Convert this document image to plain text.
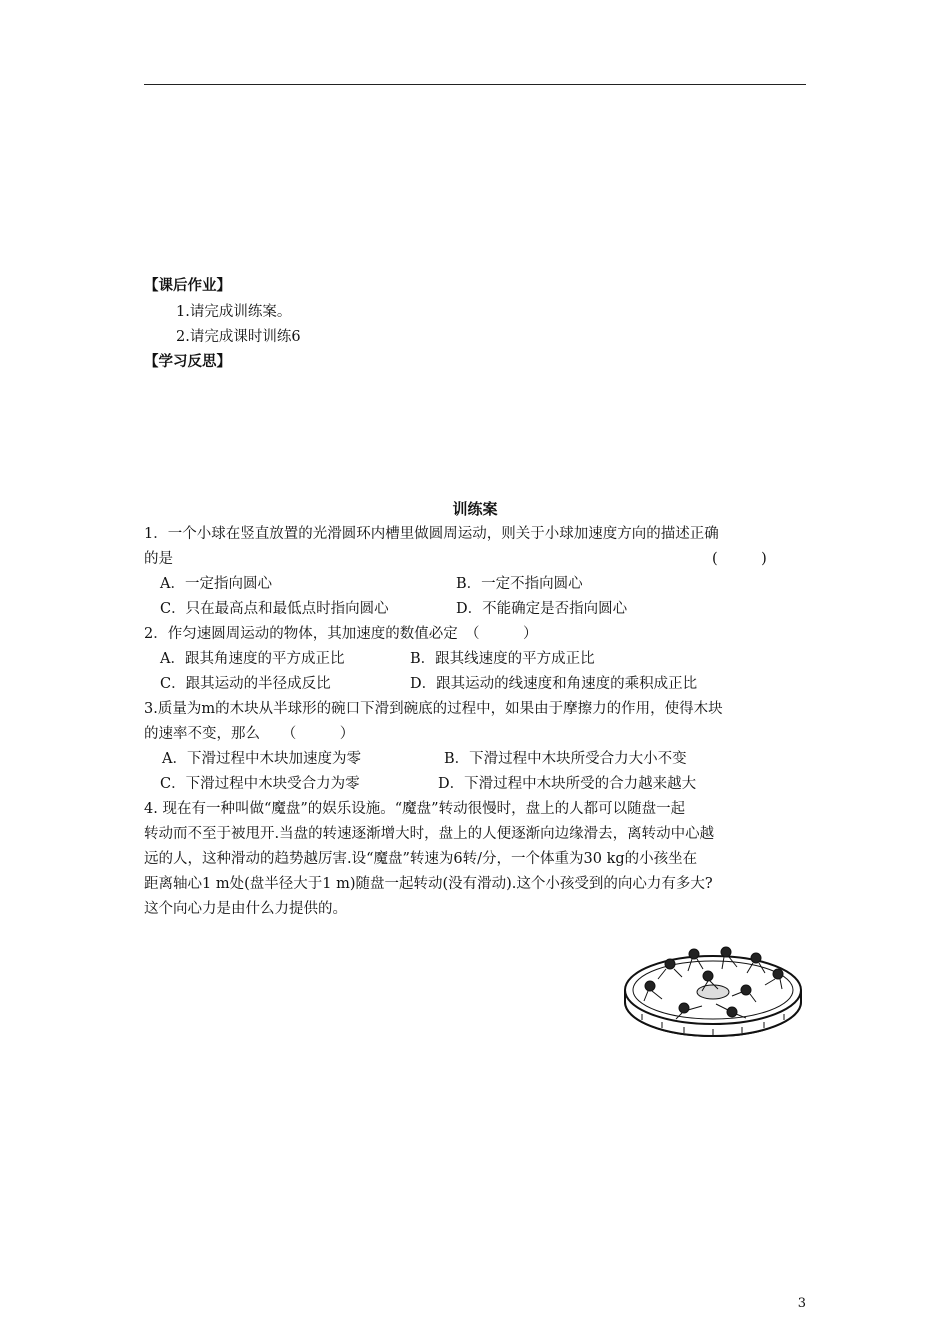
【课后作业】
1.请完成训练案。
2.请完成课时训练6
【学习反思】
训练案
1．一个小球在竖直放置的光滑圆环内槽里做圆周运动，则关于小球加速度方向的描述正确
的是	(　　　)
A．一定指向圆心	B．一定不指向圆心
C．只在最高点和最低点时指向圆心	D．不能确定是否指向圆心
2．作匀速圆周运动的物体，其加速度的数值必定　（　　　）
A．跟其角速度的平方成正比	B．跟其线速度的平方成正比
C．跟其运动的半径成反比	D．跟其运动的线速度和角速度的乘积成正比
3.质量为m的木块从半球形的碗口下滑到碗底的过程中，如果由于摩擦力的作用，使得木块
的速率不变，那么　　（　　　）
A．下滑过程中木块加速度为零	B．下滑过程中木块所受合力大小不变
C．下滑过程中木块受合力为零	D．下滑过程中木块所受的合力越来越大
4. 现在有一种叫做“魔盘”的娱乐设施。“魔盘”转动很慢时，盘上的人都可以随盘一起
转动而不至于被甩开.当盘的转速逐渐增大时，盘上的人便逐渐向边缘滑去，离转动中心越
远的人，这种滑动的趋势越厉害.设“魔盘”转速为6转/分，一个体重为30 kg的小孩坐在
距离轴心1 m处(盘半径大于1 m)随盘一起转动(没有滑动).这个小孩受到的向心力有多大?
这个向心力是由什么力提供的。
3
